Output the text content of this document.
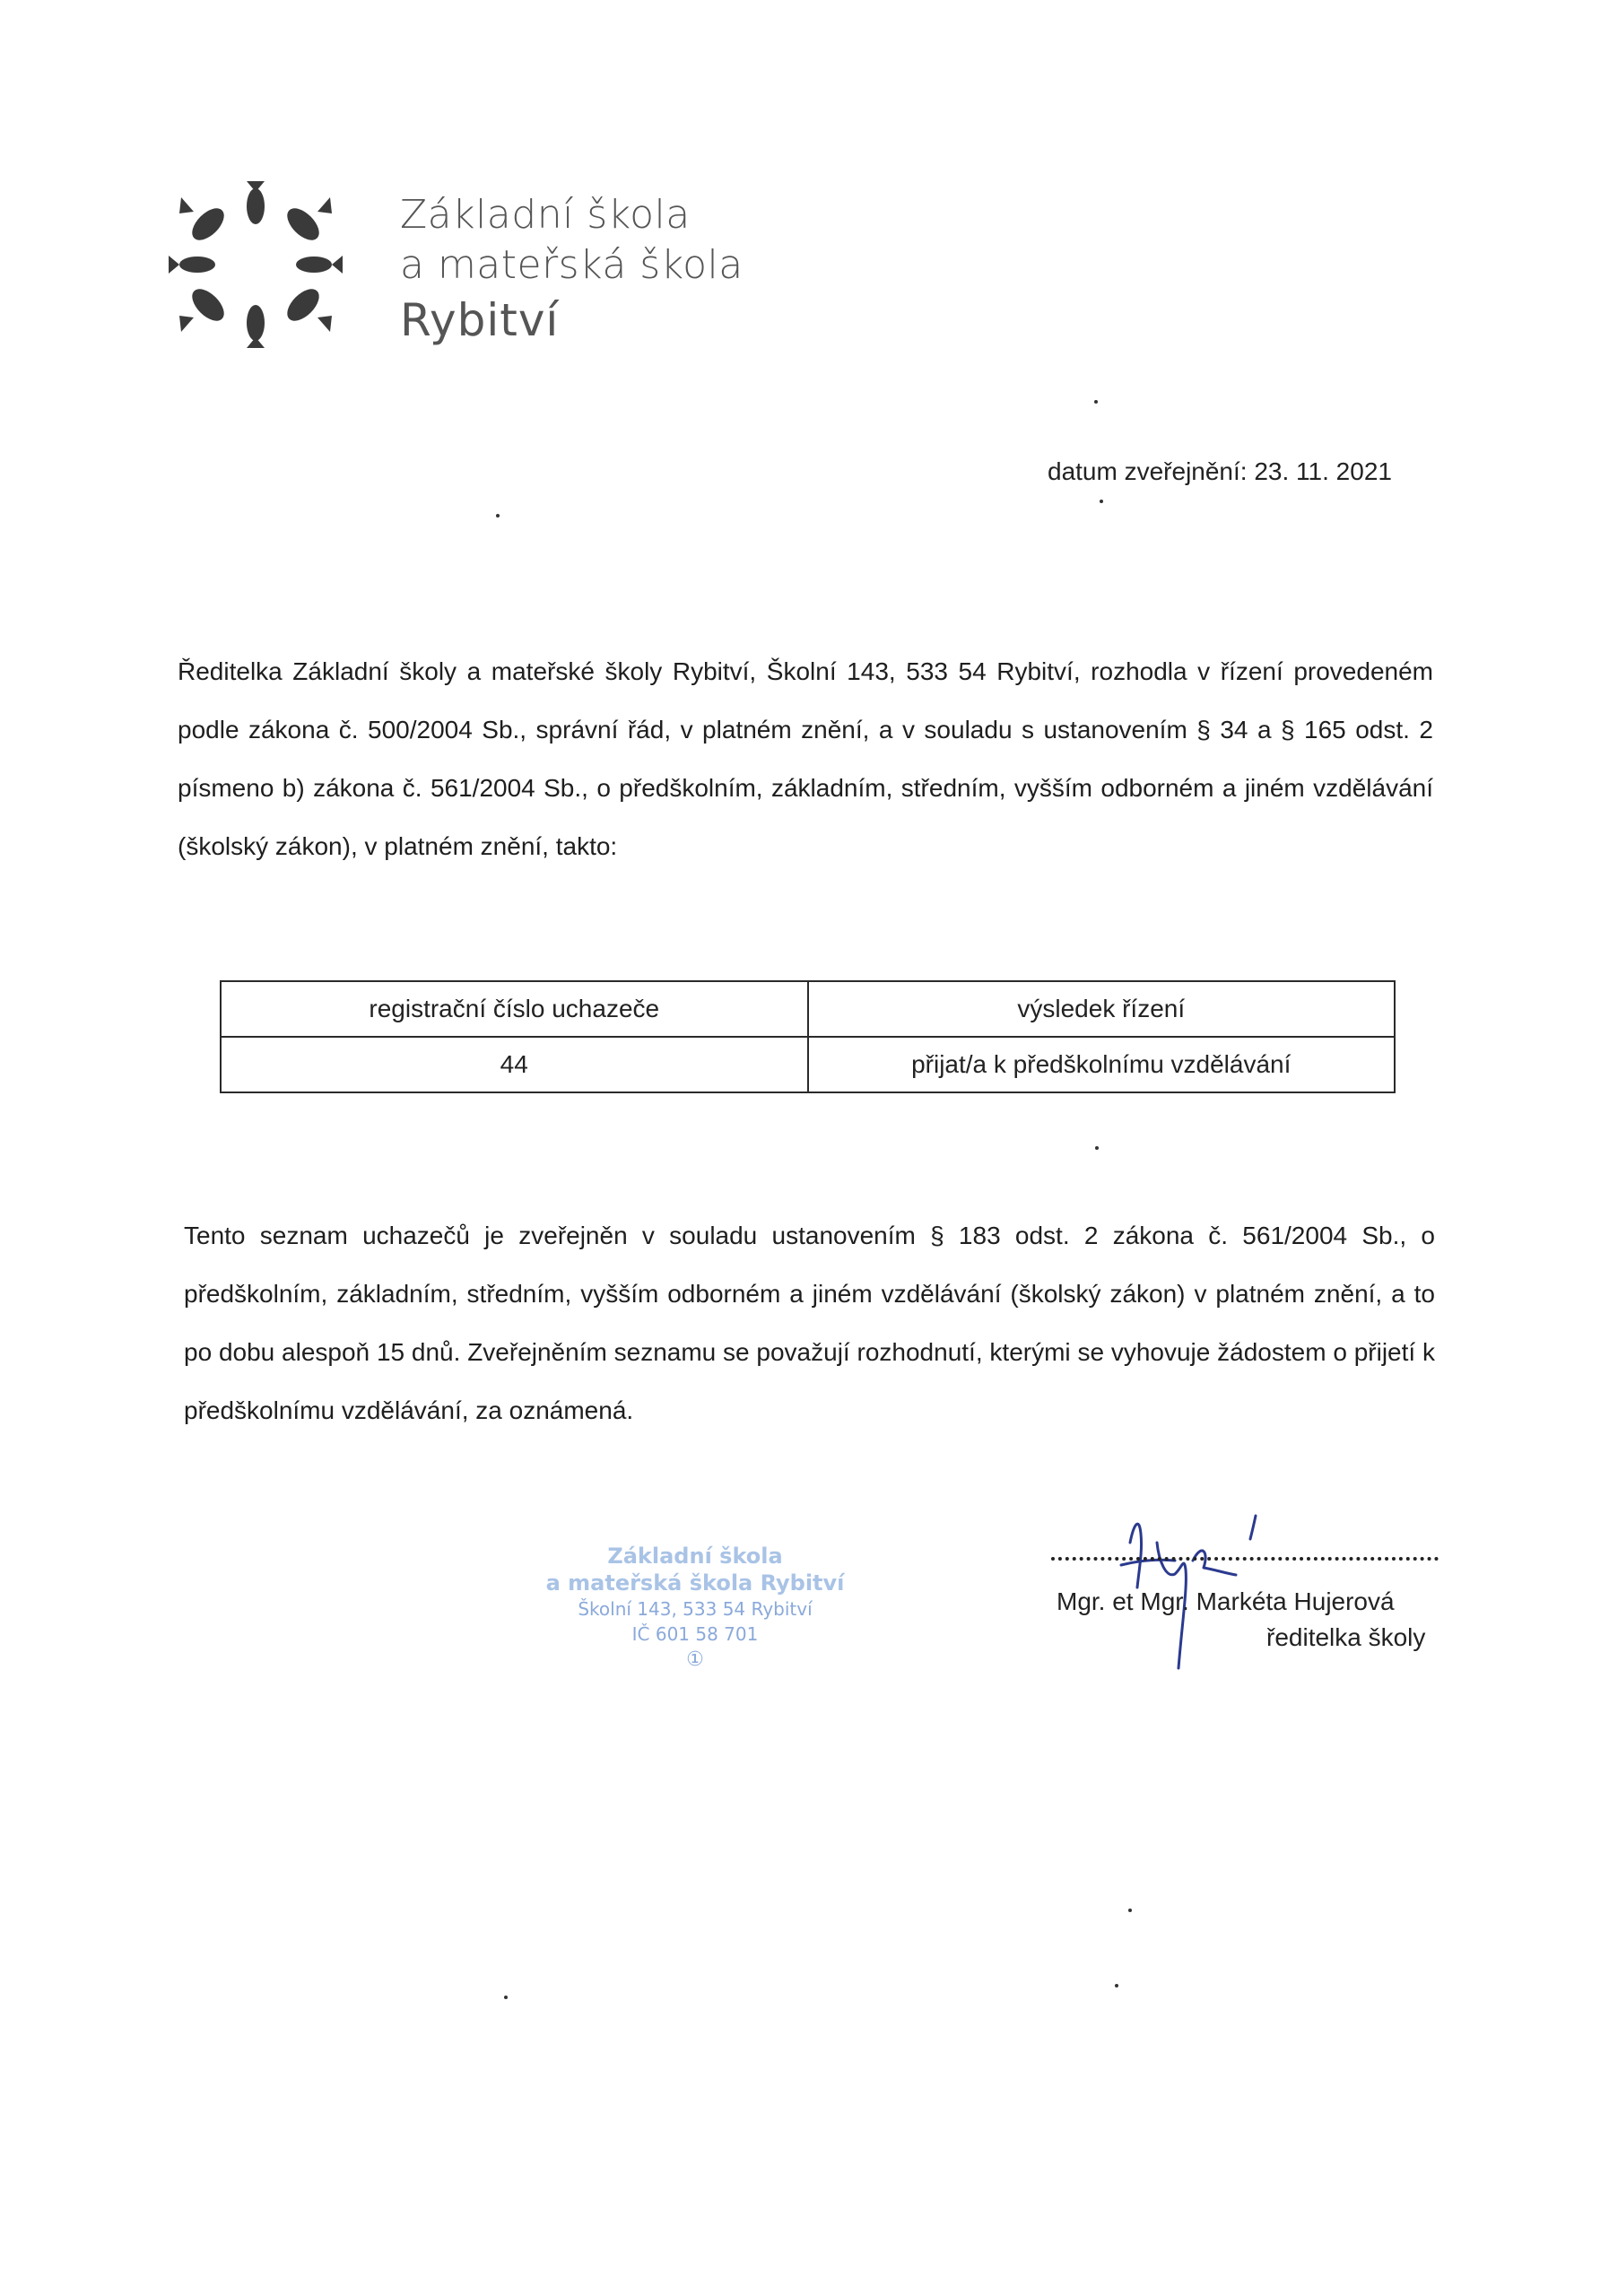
Základní škola
a mateřská škola
Rybitví
datum zveřejnění: 23. 11. 2021
Ředitelka Základní školy a mateřské školy Rybitví, Školní 143, 533 54 Rybitví, rozhodla v řízení provedeném podle zákona č. 500/2004 Sb., správní řád, v platném znění, a v souladu s ustanovením § 34 a § 165 odst. 2 písmeno b) zákona č. 561/2004 Sb., o předškolním, základním, středním, vyšším odborném a jiném vzdělávání (školský zákon), v platném znění, takto:
registrační číslo uchazeče	výsledek řízení
44	přijat/a k předškolnímu vzdělávání
Tento seznam uchazečů je zveřejněn v souladu ustanovením § 183 odst. 2 zákona č. 561/2004 Sb., o předškolním, základním, středním, vyšším odborném a jiném vzdělávání (školský zákon) v platném znění, a to po dobu alespoň 15 dnů. Zveřejněním seznamu se považují rozhodnutí, kterými se vyhovuje žádostem o přijetí k předškolnímu vzdělávání, za oznámená.
Základní škola
a mateřská škola Rybitví
Školní 143, 533 54 Rybitví
IČ 601 58 701
①
Mgr. et Mgr. Markéta Hujerová
ředitelka školy
